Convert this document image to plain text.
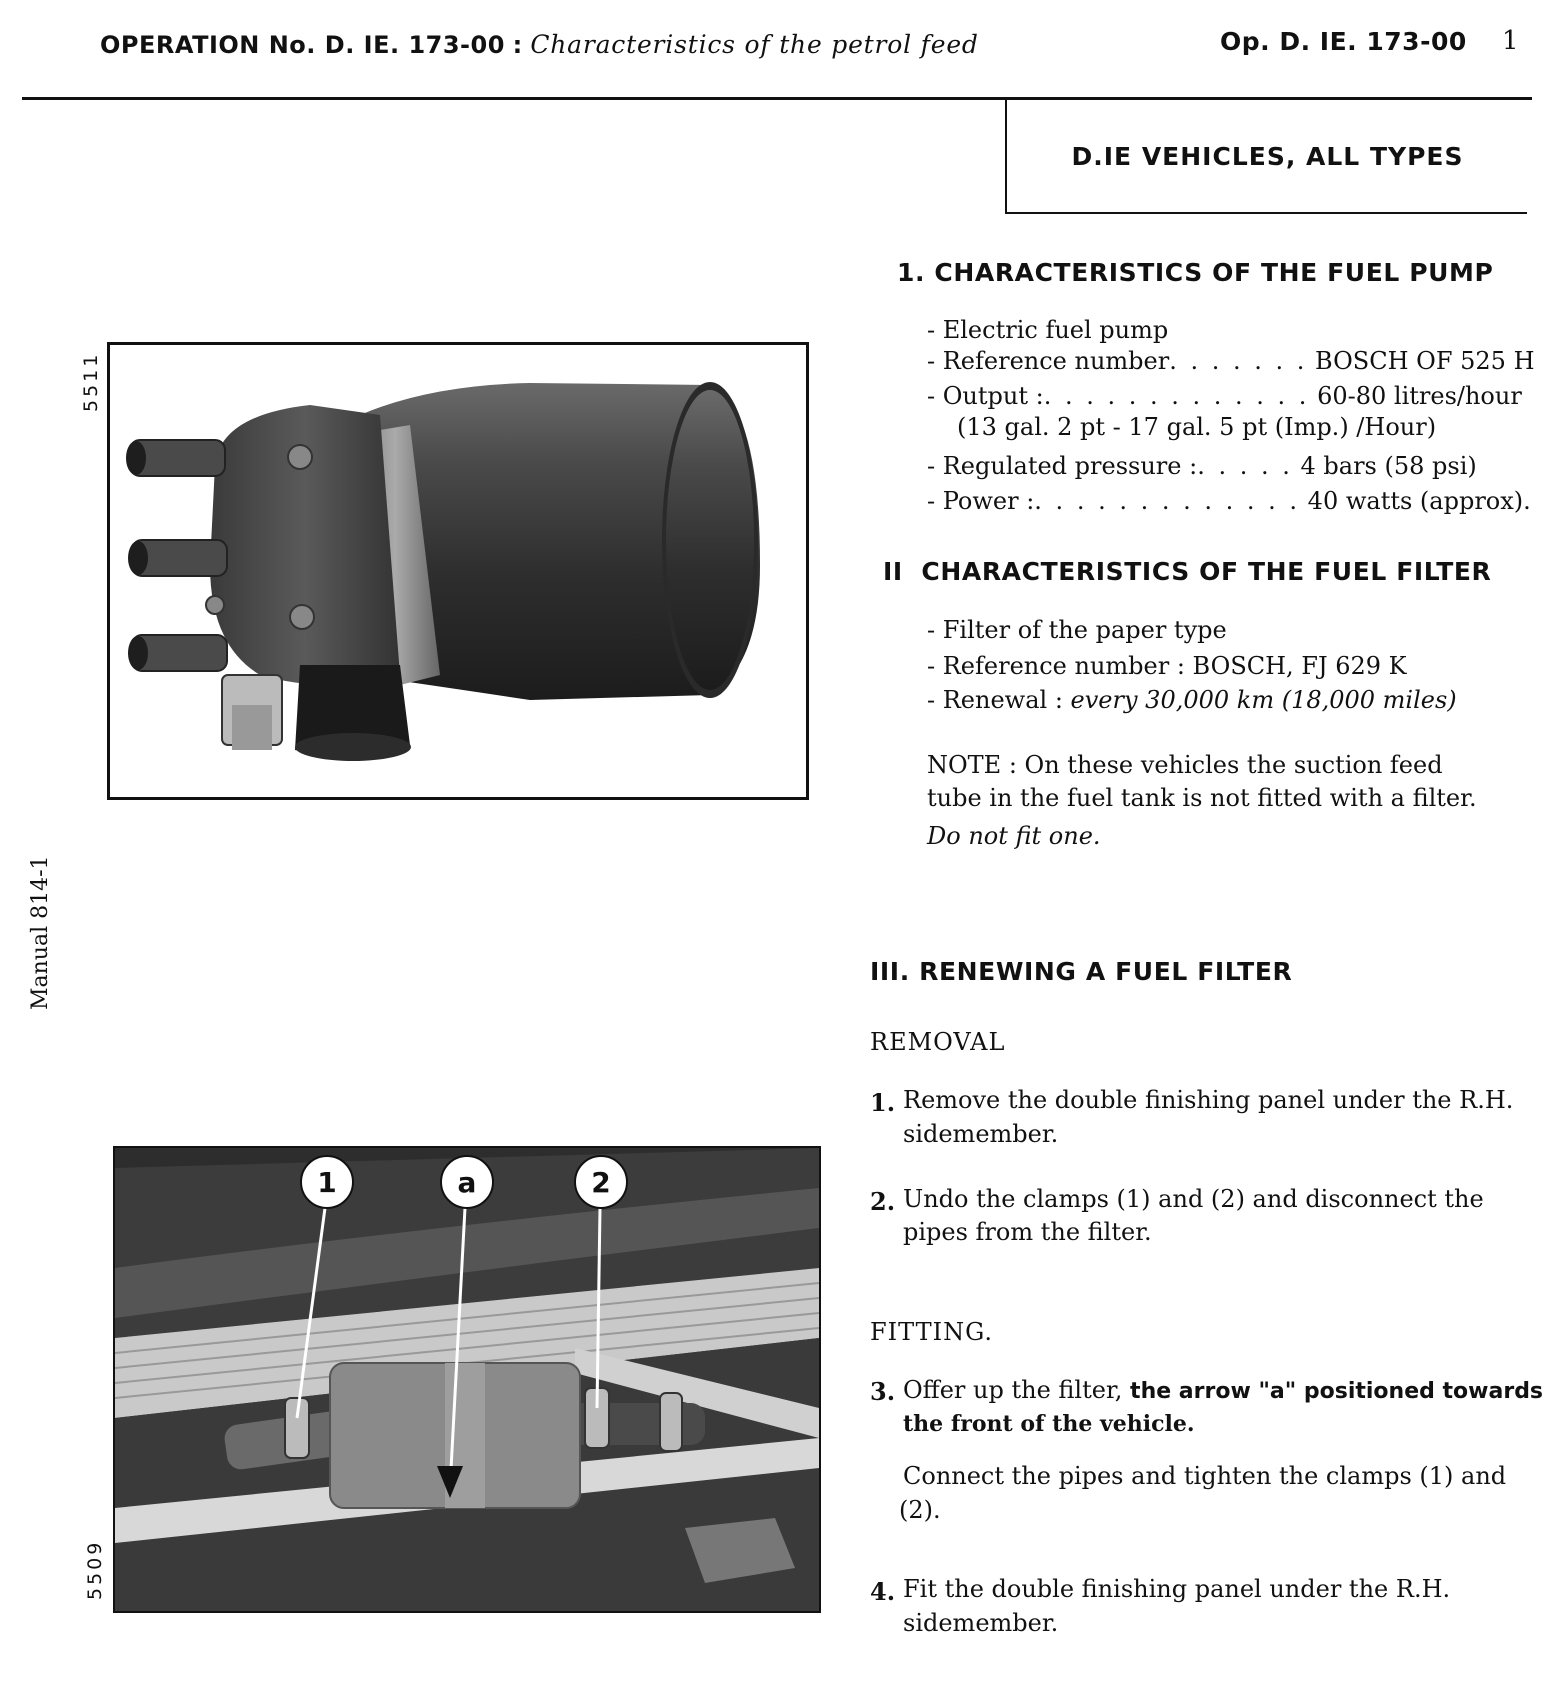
OPERATION No. D. IE. 173-00 : Characteristics of the petrol feed	Op. D. IE. 173-00 1
D.IE VEHICLES, ALL TYPES
5511
Manual 814-1
5509
1	a	2
1. CHARACTERISTICS OF THE FUEL PUMP
- Electric fuel pump
- Reference number. . . . . . . BOSCH OF 525 H
- Output :. . . . . . . . . . . . . 60-80 litres/hour
(13 gal. 2 pt - 17 gal. 5 pt (Imp.) /Hour)
- Regulated pressure :. . . . . 4 bars (58 psi)
- Power :. . . . . . . . . . . . . 40 watts (approx).
II  CHARACTERISTICS OF THE FUEL FILTER
- Filter of the paper type
- Reference number : BOSCH, FJ 629 K
- Renewal : every 30,000 km (18,000 miles)
NOTE : On these vehicles the suction feed
tube in the fuel tank is not fitted with a filter.
Do not fit one.
III. RENEWING A FUEL FILTER
REMOVAL
1. Remove the double finishing panel under the R.H.
sidemember.
2. Undo the clamps (1) and (2) and disconnect the
pipes from the filter.
FITTING.
3. Offer up the filter, the arrow "a" positioned towards
the front of the vehicle.
Connect the pipes and tighten the clamps (1) and
(2).
4. Fit the double finishing panel under the R.H.
sidemember.
